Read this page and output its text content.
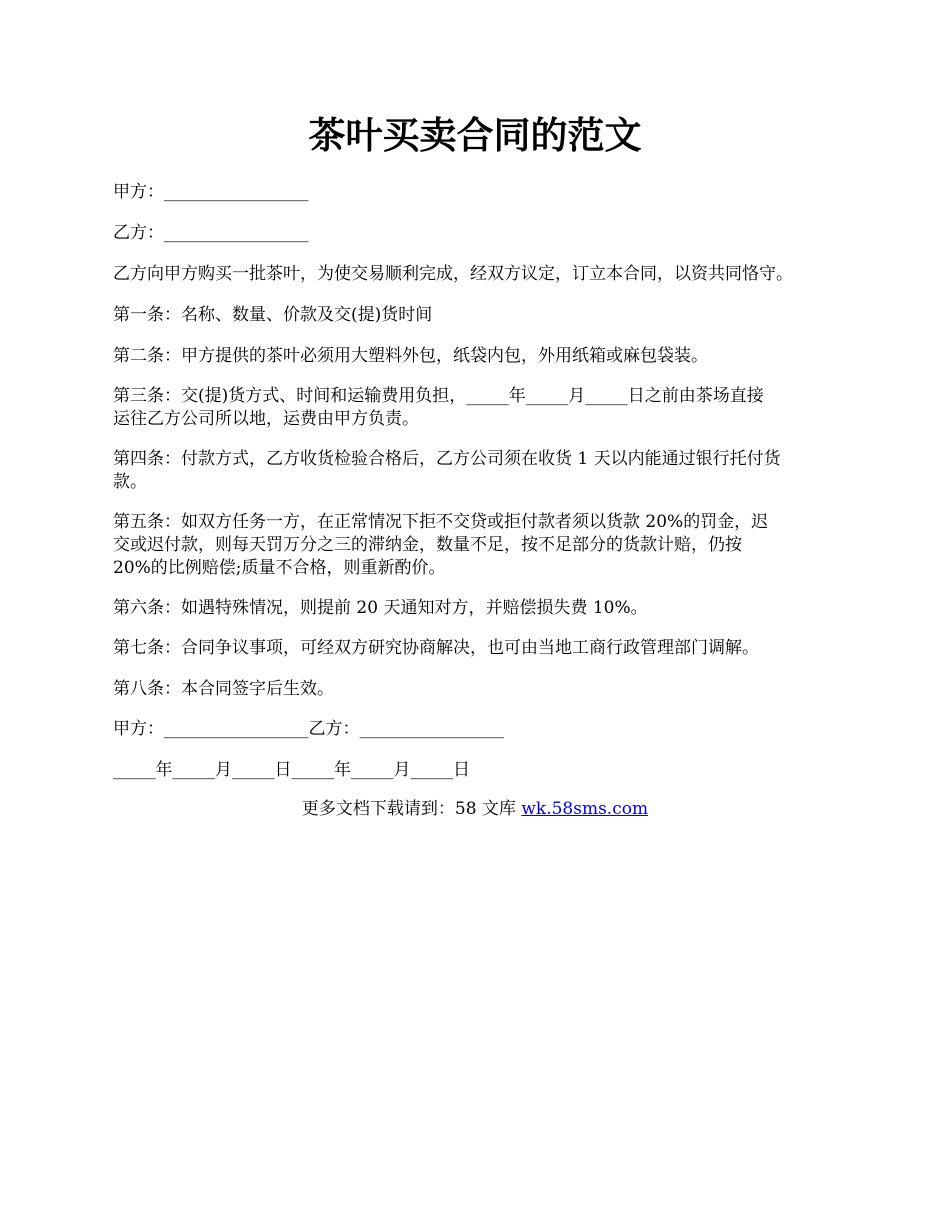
茶叶买卖合同的范文

甲方：_________________

乙方：_________________

乙方向甲方购买一批茶叶，为使交易顺利完成，经双方议定，订立本合同，以资共同恪守。

第一条：名称、数量、价款及交(提)货时间

第二条：甲方提供的茶叶必须用大塑料外包，纸袋内包，外用纸箱或麻包袋装。

第三条：交(提)货方式、时间和运输费用负担，_____年_____月_____日之前由茶场直接

运往乙方公司所以地，运费由甲方负责。

第四条：付款方式，乙方收货检验合格后，乙方公司须在收货 1 天以内能通过银行托付货

款。

第五条：如双方任务一方，在正常情况下拒不交贷或拒付款者须以货款 20%的罚金，迟

交或迟付款，则每天罚万分之三的滞纳金，数量不足，按不足部分的货款计赔，仍按

20%的比例赔偿;质量不合格，则重新酌价。

第六条：如遇特殊情况，则提前 20 天通知对方，并赔偿损失费 10%。

第七条：合同争议事项，可经双方研究协商解决，也可由当地工商行政管理部门调解。

第八条：本合同签字后生效。

甲方：_________________乙方：_________________

_____年_____月_____日_____年_____月_____日

更多文档下载请到：58 文库 wk.58sms.com
